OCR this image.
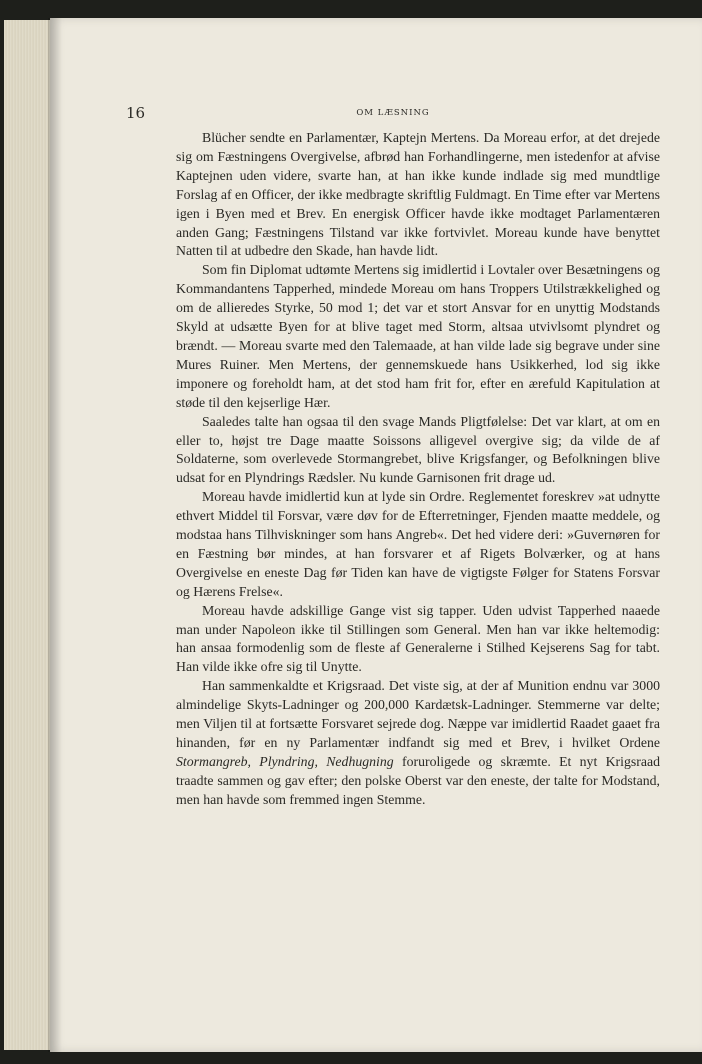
16	OM LÆSNING

Blücher sendte en Parlamentær, Kaptejn Mertens. Da Moreau erfor, at det drejede sig om Fæstningens Overgivelse, afbrød han Forhandlingerne, men istedenfor at afvise Kaptejnen uden videre, svarte han, at han ikke kunde indlade sig med mundtlige Forslag af en Officer, der ikke medbragte skriftlig Fuldmagt. En Time efter var Mertens igen i Byen med et Brev. En energisk Officer havde ikke modtaget Parlamentæren anden Gang; Fæstningens Tilstand var ikke fortvivlet. Moreau kunde have benyttet Natten til at udbedre den Skade, han havde lidt.

Som fin Diplomat udtømte Mertens sig imidlertid i Lovtaler over Besætningens og Kommandantens Tapperhed, mindede Moreau om hans Troppers Utilstrækkelighed og om de allieredes Styrke, 50 mod 1; det var et stort Ansvar for en unyttig Modstands Skyld at udsætte Byen for at blive taget med Storm, altsaa utvivlsomt plyndret og brændt. — Moreau svarte med den Talemaade, at han vilde lade sig begrave under sine Mures Ruiner. Men Mertens, der gennemskuede hans Usikkerhed, lod sig ikke imponere og foreholdt ham, at det stod ham frit for, efter en ærefuld Kapitulation at støde til den kejserlige Hær.

Saaledes talte han ogsaa til den svage Mands Pligtfølelse: Det var klart, at om en eller to, højst tre Dage maatte Soissons alligevel overgive sig; da vilde de af Soldaterne, som overlevede Stormangrebet, blive Krigsfanger, og Befolkningen blive udsat for en Plyndrings Rædsler. Nu kunde Garnisonen frit drage ud.

Moreau havde imidlertid kun at lyde sin Ordre. Reglementet foreskrev »at udnytte ethvert Middel til Forsvar, være døv for de Efterretninger, Fjenden maatte meddele, og modstaa hans Tilhviskninger som hans Angreb«. Det hed videre deri: »Guvernøren for en Fæstning bør mindes, at han forsvarer et af Rigets Bolværker, og at hans Overgivelse en eneste Dag før Tiden kan have de vigtigste Følger for Statens Forsvar og Hærens Frelse«.

Moreau havde adskillige Gange vist sig tapper. Uden udvist Tapperhed naaede man under Napoleon ikke til Stillingen som General. Men han var ikke heltemodig: han ansaa formodenlig som de fleste af Generalerne i Stilhed Kejserens Sag for tabt. Han vilde ikke ofre sig til Unytte.

Han sammenkaldte et Krigsraad. Det viste sig, at der af Munition endnu var 3000 almindelige Skyts-Ladninger og 200,000 Kardætsk-Ladninger. Stemmerne var delte; men Viljen til at fortsætte Forsvaret sejrede dog. Næppe var imidlertid Raadet gaaet fra hinanden, før en ny Parlamentær indfandt sig med et Brev, i hvilket Ordene Stormangreb, Plyndring, Nedhugning foruroligede og skræmte. Et nyt Krigsraad traadte sammen og gav efter; den polske Oberst var den eneste, der talte for Modstand, men han havde som fremmed ingen Stemme.
